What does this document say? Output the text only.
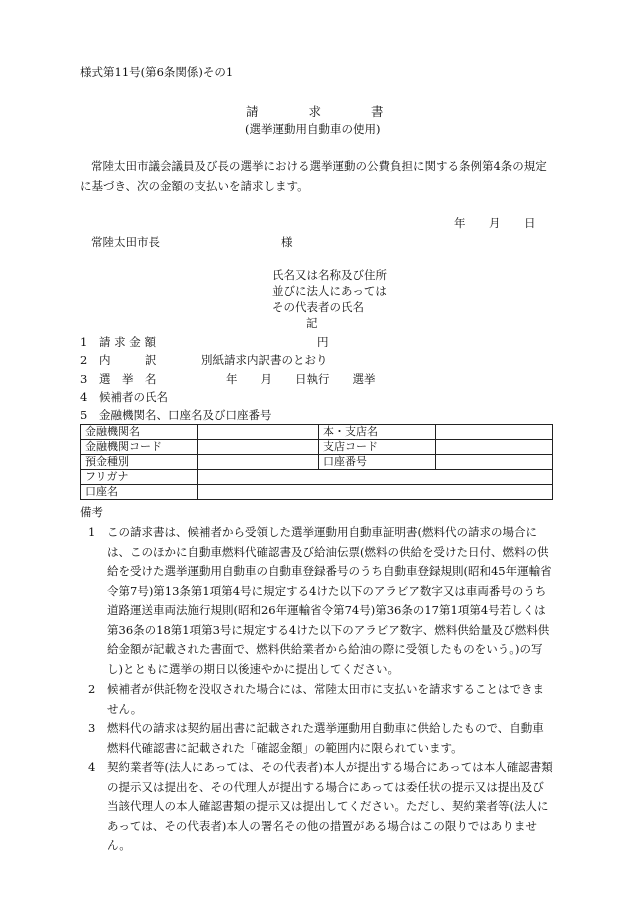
様式第11号(第6条関係)その1
請　　　　求　　　　書
(選挙運動用自動車の使用)

常陸太田市議会議員及び長の選挙における選挙運動の公費負担に関する条例第4条の規定に基づき、次の金額の支払いを請求します。

年 月 日
常陸太田市長	様
氏名又は名称及び住所
並びに法人にあっては
その代表者の氏名
記
1 請 求 金 額	円
2 内　　　訳	別紙請求内訳書のとおり
3 選　挙　名	年　　月　　日執行　　選挙
4 候補者の氏名
5 金融機関名、口座名及び口座番号
金融機関名		本・支店名	
金融機関コード		支店コード	
預金種別		口座番号	
フリガナ			
口座名			
備考
1 この請求書は、候補者から受領した選挙運動用自動車証明書(燃料代の請求の場合には、このほかに自動車燃料代確認書及び給油伝票(燃料の供給を受けた日付、燃料の供給を受けた選挙運動用自動車の自動車登録番号のうち自動車登録規則(昭和45年運輸省令第7号)第13条第1項第4号に規定する4けた以下のアラビア数字又は車両番号のうち道路運送車両法施行規則(昭和26年運輸省令第74号)第36条の17第1項第4号若しくは第36条の18第1項第3号に規定する4けた以下のアラビア数字、燃料供給量及び燃料供給金額が記載された書面で、燃料供給業者から給油の際に受領したものをいう。)の写し)とともに選挙の期日以後速やかに提出してください。
2 候補者が供託物を没収された場合には、常陸太田市に支払いを請求することはできません。
3 燃料代の請求は契約届出書に記載された選挙運動用自動車に供給したもので、自動車燃料代確認書に記載された「確認金額」の範囲内に限られています。
4 契約業者等(法人にあっては、その代表者)本人が提出する場合にあっては本人確認書類の提示又は提出を、その代理人が提出する場合にあっては委任状の提示又は提出及び当該代理人の本人確認書類の提示又は提出してください。ただし、契約業者等(法人にあっては、その代表者)本人の署名その他の措置がある場合はこの限りではありません。
